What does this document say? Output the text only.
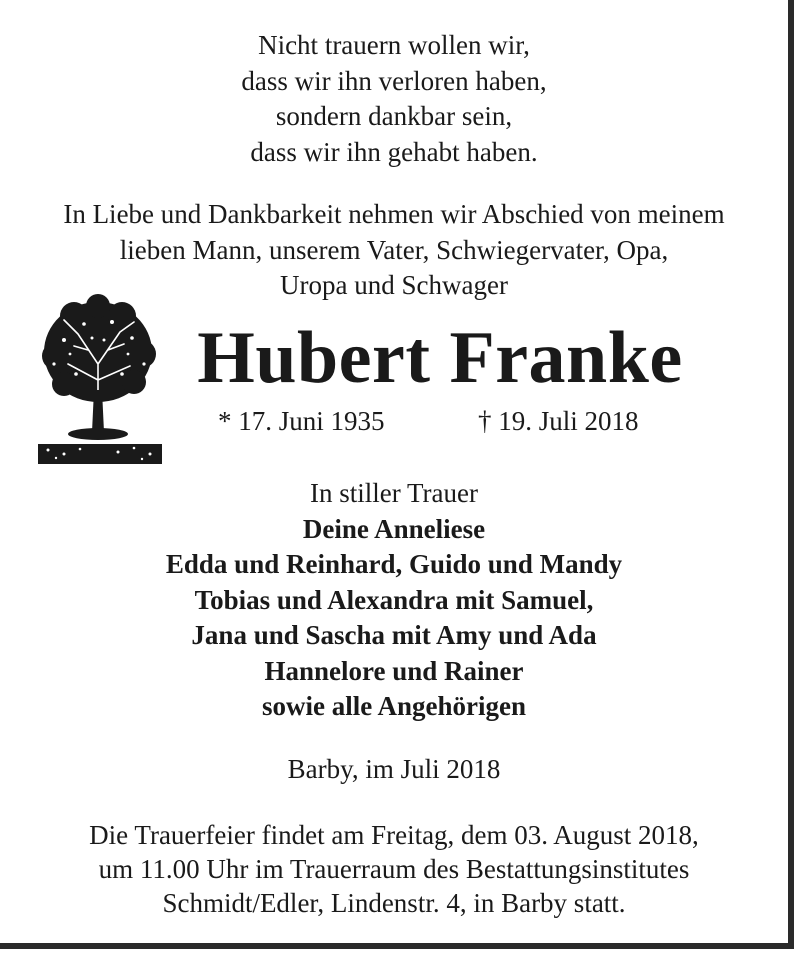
Nicht trauern wollen wir,
dass wir ihn verloren haben,
sondern dankbar sein,
dass wir ihn gehabt haben.
In Liebe und Dankbarkeit nehmen wir Abschied von meinem
lieben Mann, unserem Vater, Schwiegervater, Opa,
Uropa und Schwager
Hubert Franke
* 17. Juni 1935	† 19. Juli 2018
In stiller Trauer
Deine Anneliese
Edda und Reinhard, Guido und Mandy
Tobias und Alexandra mit Samuel,
Jana und Sascha mit Amy und Ada
Hannelore und Rainer
sowie alle Angehörigen
Barby, im Juli 2018
Die Trauerfeier findet am Freitag, dem 03. August 2018,
um 11.00 Uhr im Trauerraum des Bestattungsinstitutes
Schmidt/Edler, Lindenstr. 4, in Barby statt.
